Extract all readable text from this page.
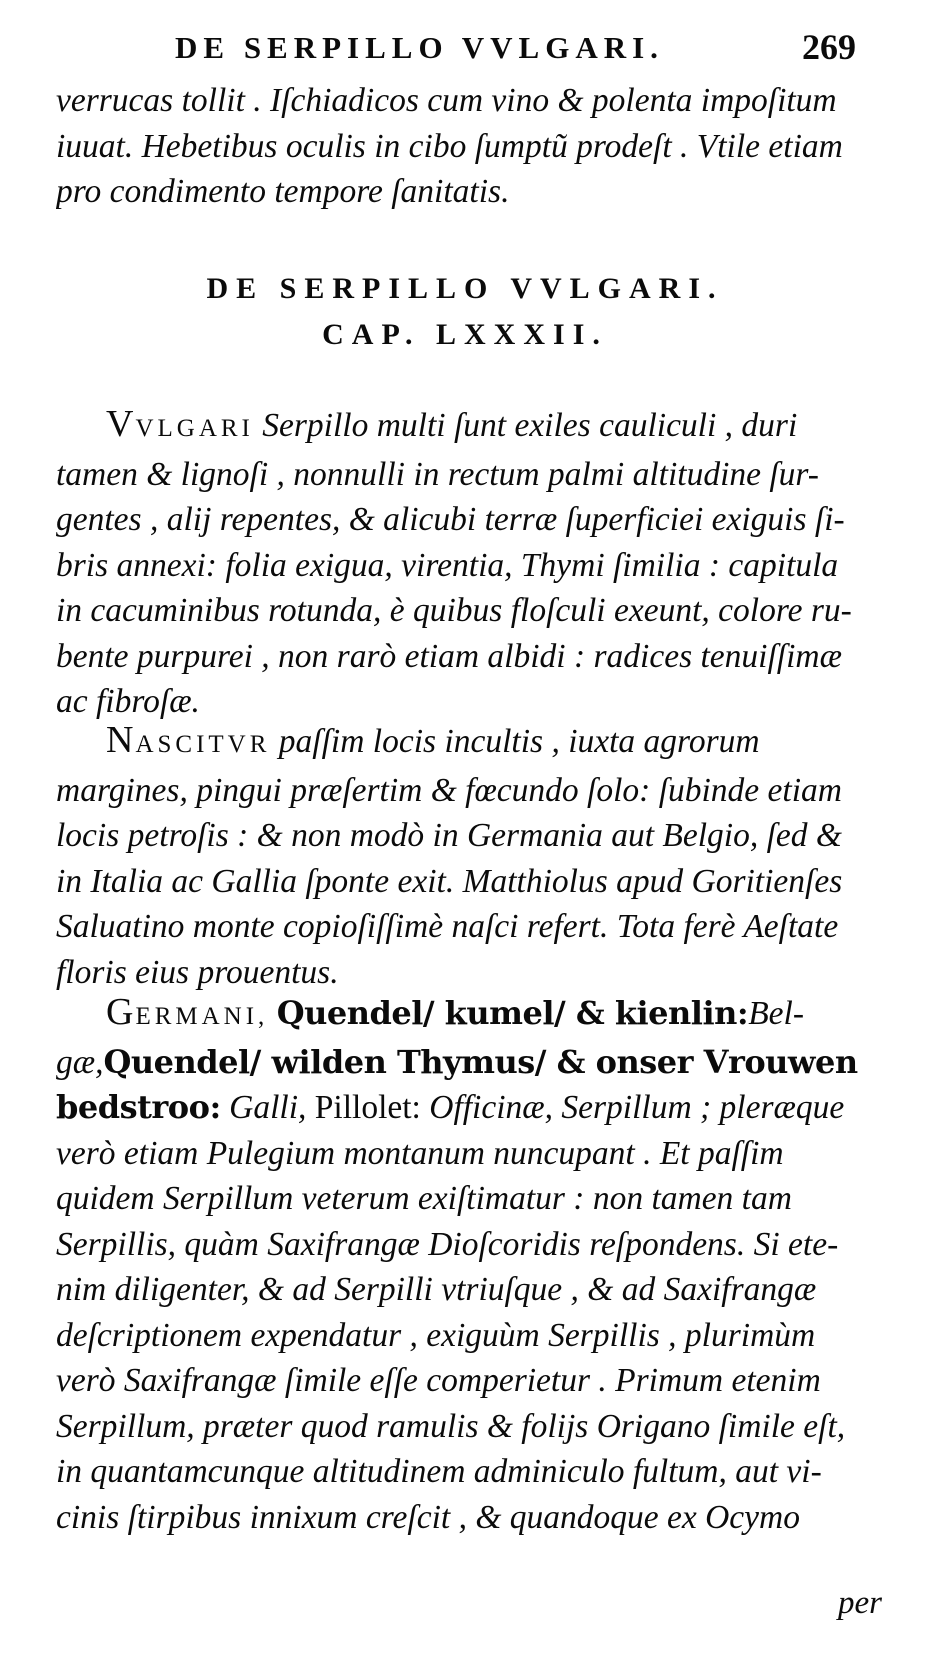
DE SERPILLO VVLGARI.	269
verrucas tollit . Iſchiadicos cum vino & polenta impoſitum
iuuat. Hebetibus oculis in cibo ſumptũ prodeſt . Vtile etiam
pro condimento tempore ſanitatis.
DE SERPILLO VVLGARI.
CAP. LXXXII.
VVLGARI Serpillo multi ſunt exiles cauliculi , duri
tamen & lignoſi , nonnulli in rectum palmi altitudine ſur-
gentes , alij repentes, & alicubi terræ ſuperficiei exiguis ſi-
bris annexi: folia exigua, virentia, Thymi ſimilia : capitula
in cacuminibus rotunda, è quibus floſculi exeunt, colore ru-
bente purpurei , non rarò etiam albidi : radices tenuiſſimæ
ac fibroſæ.
NASCITVR paſſim locis incultis , iuxta agrorum
margines, pingui præſertim & fœcundo ſolo: ſubinde etiam
locis petroſis : & non modò in Germania aut Belgio, ſed &
in Italia ac Gallia ſponte exit. Matthiolus apud Goritienſes
Saluatino monte copioſiſſimè naſci refert. Tota ferè Aeſtate
floris eius prouentus.
GERMANI, Quendel/ kumel/ & kienlin:Bel-
gæ,Quendel/ wilden Thymus/ & onser Vrouwen
bedstroo: Galli, Pillolet: Officinæ, Serpillum ; pleræque
verò etiam Pulegium montanum nuncupant . Et paſſim
quidem Serpillum veterum exiſtimatur : non tamen tam
Serpillis, quàm Saxifrangæ Dioſcoridis reſpondens. Si ete-
nim diligenter, & ad Serpilli vtriuſque , & ad Saxifrangæ
deſcriptionem expendatur , exiguùm Serpillis , plurimùm
verò Saxifrangæ ſimile eſſe comperietur . Primum etenim
Serpillum, præter quod ramulis & folijs Origano ſimile eſt,
in quantamcunque altitudinem adminiculo fultum, aut vi-
cinis ſtirpibus innixum creſcit , & quandoque ex Ocymo
per
